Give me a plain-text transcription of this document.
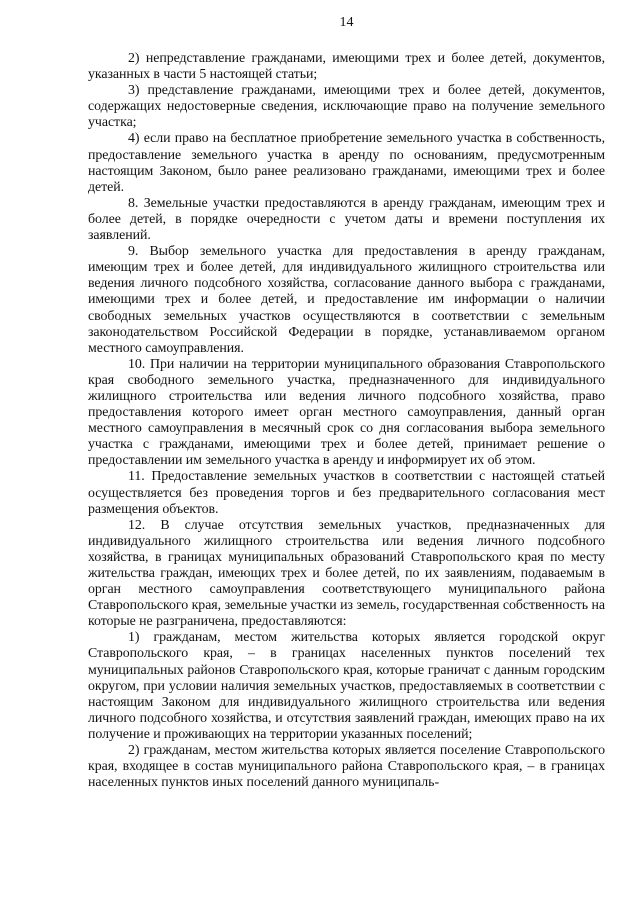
14

2) непредставление гражданами, имеющими трех и более детей, документов, указанных в части 5 настоящей статьи;

3) представление гражданами, имеющими трех и более детей, документов, содержащих недостоверные сведения, исключающие право на получение земельного участка;

4) если право на бесплатное приобретение земельного участка в собственность, предоставление земельного участка в аренду по основаниям, предусмотренным настоящим Законом, было ранее реализовано гражданами, имеющими трех и более детей.

8. Земельные участки предоставляются в аренду гражданам, имеющим трех и более детей, в порядке очередности с учетом даты и времени поступления их заявлений.

9. Выбор земельного участка для предоставления в аренду гражданам, имеющим трех и более детей, для индивидуального жилищного строительства или ведения личного подсобного хозяйства, согласование данного выбора с гражданами, имеющими трех и более детей, и предоставление им информации о наличии свободных земельных участков осуществляются в соответствии с земельным законодательством Российской Федерации в порядке, устанавливаемом органом местного самоуправления.

10. При наличии на территории муниципального образования Ставропольского края свободного земельного участка, предназначенного для индивидуального жилищного строительства или ведения личного подсобного хозяйства, право предоставления которого имеет орган местного самоуправления, данный орган местного самоуправления в месячный срок со дня согласования выбора земельного участка с гражданами, имеющими трех и более детей, принимает решение о предоставлении им земельного участка в аренду и информирует их об этом.

11. Предоставление земельных участков в соответствии с настоящей статьей осуществляется без проведения торгов и без предварительного согласования мест размещения объектов.

12. В случае отсутствия земельных участков, предназначенных для индивидуального жилищного строительства или ведения личного подсобного хозяйства, в границах муниципальных образований Ставропольского края по месту жительства граждан, имеющих трех и более детей, по их заявлениям, подаваемым в орган местного самоуправления соответствующего муниципального района Ставропольского края, земельные участки из земель, государственная собственность на которые не разграничена, предоставляются:

1) гражданам, местом жительства которых является городской округ Ставропольского края, – в границах населенных пунктов поселений тех муниципальных районов Ставропольского края, которые граничат с данным городским округом, при условии наличия земельных участков, предоставляемых в соответствии с настоящим Законом для индивидуального жилищного строительства или ведения личного подсобного хозяйства, и отсутствия заявлений граждан, имеющих право на их получение и проживающих на территории указанных поселений;

2) гражданам, местом жительства которых является поселение Ставропольского края, входящее в состав муниципального района Ставропольского края, – в границах населенных пунктов иных поселений данного муниципаль-
